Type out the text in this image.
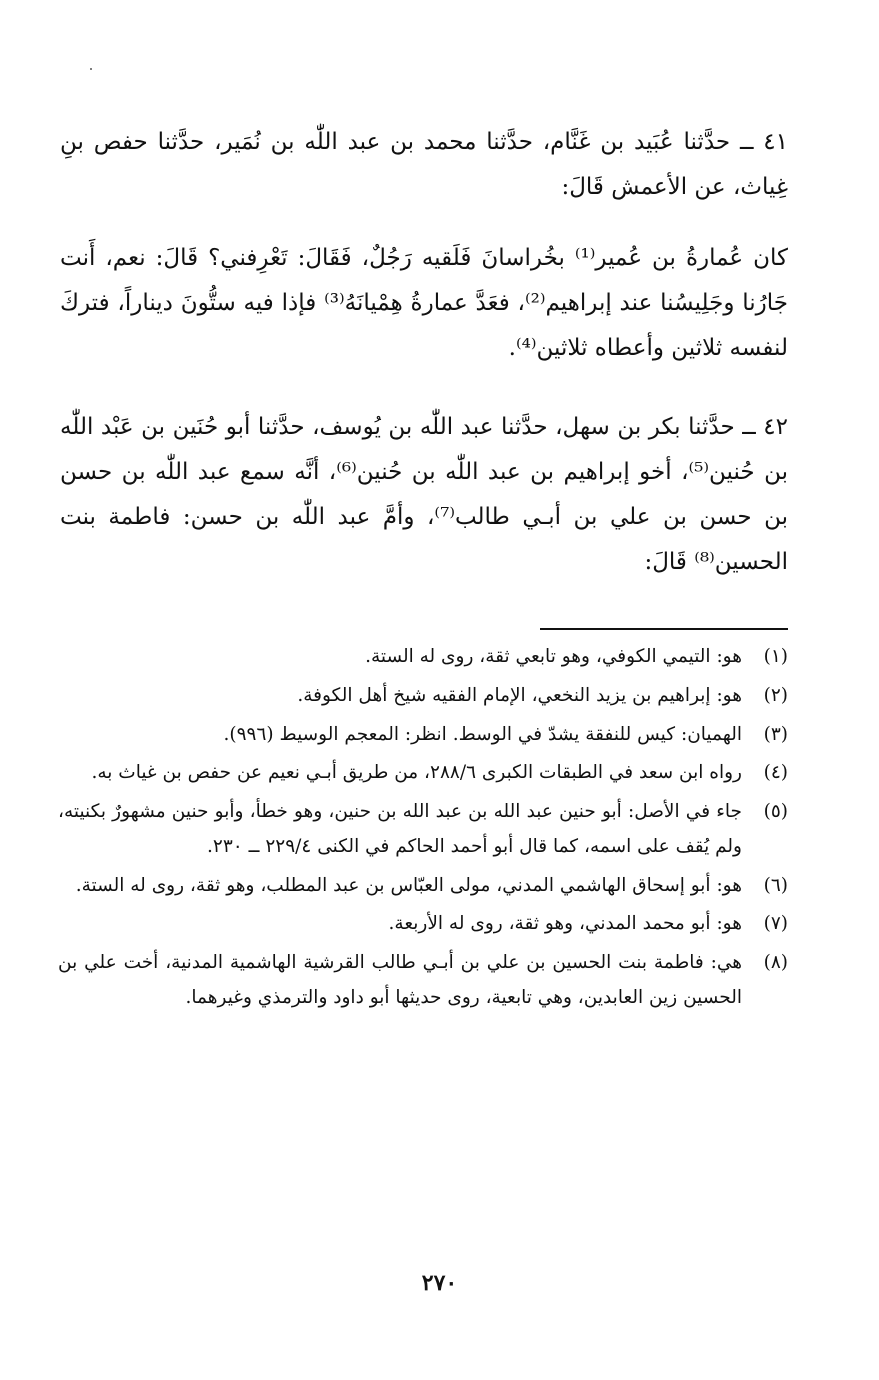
٤١ ــ حدَّثنا عُبَيد بن غَنَّام، حدَّثنا محمد بن عبد اللّٰه بن نُمَير، حدَّثنا حفص بنِ غِياث، عن الأعمش قَالَ:

كان عُمارةُ بن عُمير⁽¹⁾ بخُراسانَ فَلَقيه رَجُلٌ، فَقَالَ: تَعْرِفني؟ قَالَ: نعم، أَنت جَارُنا وجَلِيسُنا عند إبراهيم⁽²⁾، فعَدَّ عمارةُ هِمْيانَهُ⁽³⁾ فإذا فيه ستُّونَ ديناراً، فتركَ لنفسه ثلاثين وأعطاه ثلاثين⁽⁴⁾.

٤٢ ــ حدَّثنا بكر بن سهل، حدَّثنا عبد اللّٰه بن يُوسف، حدَّثنا أبو حُنَين بن عَبْد اللّٰه بن حُنين⁽⁵⁾، أخو إبراهيم بن عبد اللّٰه بن حُنين⁽⁶⁾، أنَّه سمع عبد اللّٰه بن حسن بن حسن بن علي بن أبـي طالب⁽⁷⁾، وأمَّ عبد اللّٰه بن حسن: فاطمة بنت الحسين⁽⁸⁾ قَالَ:

(١)
هو: التيمي الكوفي، وهو تابعي ثقة، روى له الستة.
(٢)
هو: إبراهيم بن يزيد النخعي، الإمام الفقيه شيخ أهل الكوفة.
(٣)
الهميان: كيس للنفقة يشدّ في الوسط. انظر: المعجم الوسيط (٩٩٦).
(٤)
رواه ابن سعد في الطبقات الكبرى ٢٨٨/٦، من طريق أبـي نعيم عن حفص بن غياث به.
(٥)
جاء في الأصل: أبو حنين عبد الله بن عبد الله بن حنين، وهو خطأ، وأبو حنين مشهورٌ بكنيته، ولم يُقف على اسمه، كما قال أبو أحمد الحاكم في الكنى ٢٢٩/٤ ــ ٢٣٠.
(٦)
هو: أبو إسحاق الهاشمي المدني، مولى العبّاس بن عبد المطلب، وهو ثقة، روى له الستة.
(٧)
هو: أبو محمد المدني، وهو ثقة، روى له الأربعة.
(٨)
هي: فاطمة بنت الحسين بن علي بن أبـي طالب القرشية الهاشمية المدنية، أخت علي بن الحسين زين العابدين، وهي تابعية، روى حديثها أبو داود والترمذي وغيرهما.
٢٧٠
